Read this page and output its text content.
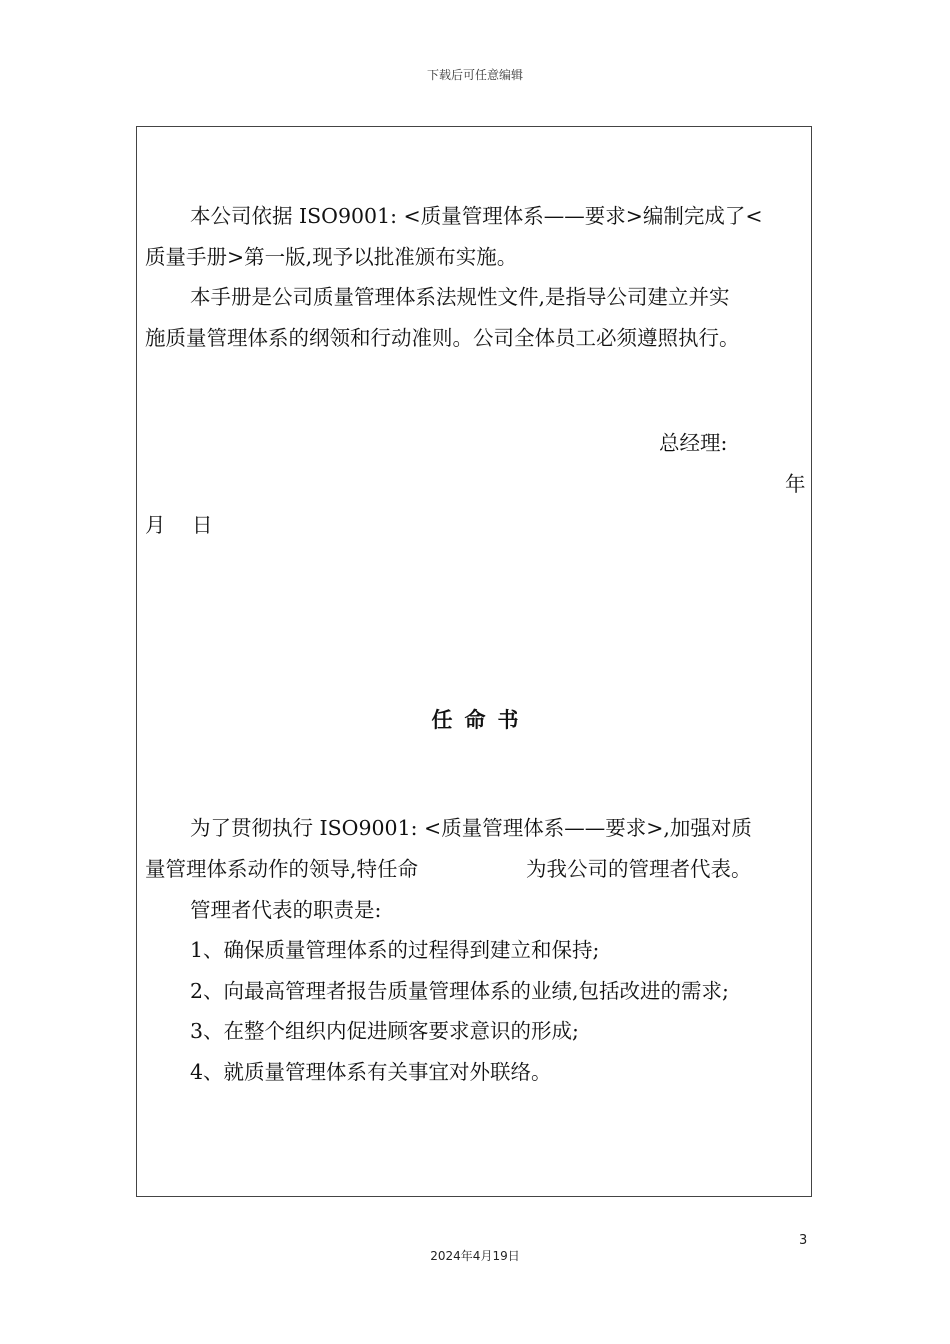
下载后可任意编辑
本公司依据 ISO9001: <质量管理体系——要求>编制完成了<
质量手册>第一版,现予以批准颁布实施。
本手册是公司质量管理体系法规性文件,是指导公司建立并实
施质量管理体系的纲领和行动准则。公司全体员工必须遵照执行。
总经理:
年
月 日
任命书
为了贯彻执行 ISO9001: <质量管理体系——要求>,加强对质
量管理体系动作的领导,特任命	为我公司的管理者代表。
管理者代表的职责是:
1、确保质量管理体系的过程得到建立和保持;
2、向最高管理者报告质量管理体系的业绩,包括改进的需求;
3、在整个组织内促进顾客要求意识的形成;
4、就质量管理体系有关事宜对外联络。
3
2024年4月19日
